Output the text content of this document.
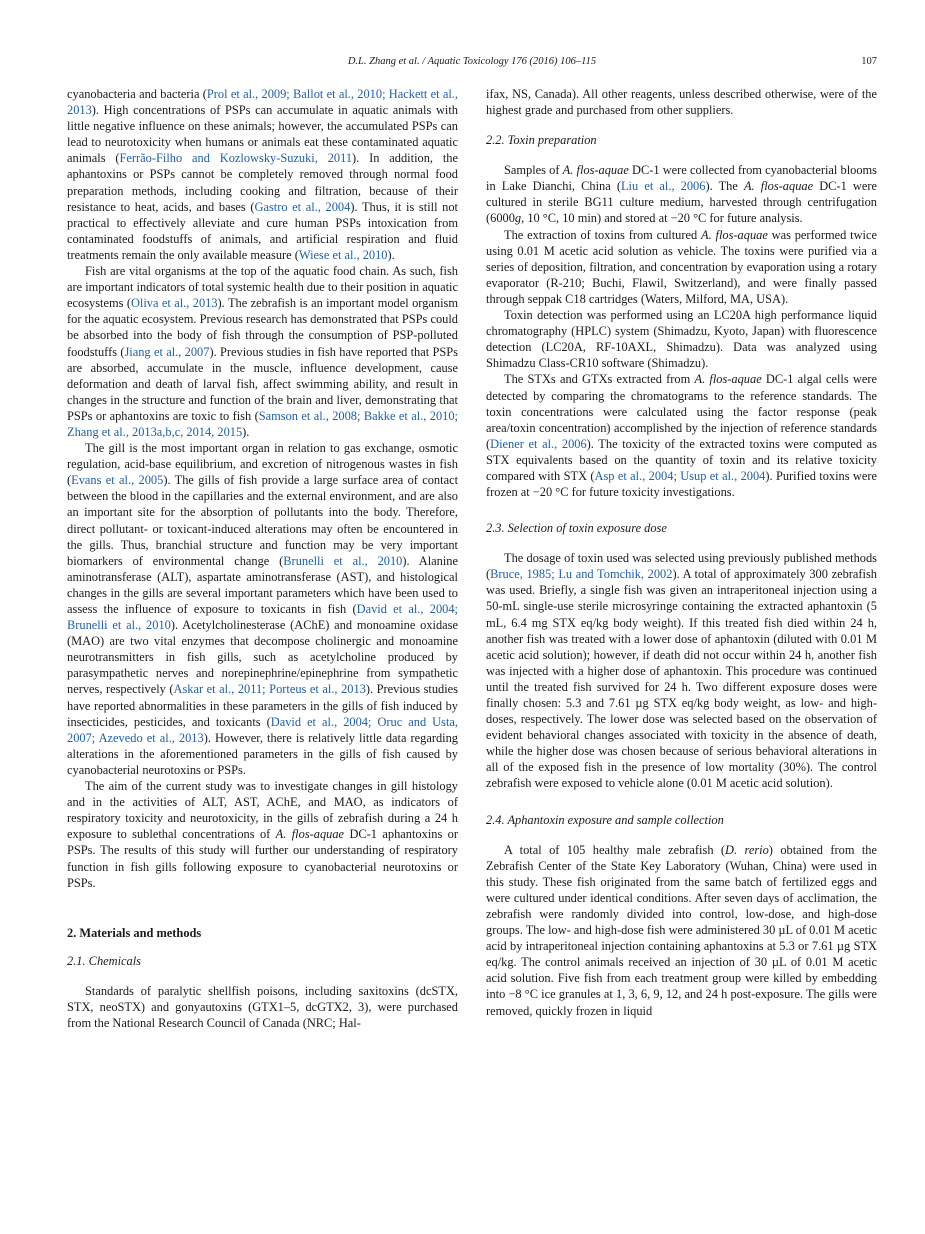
D.L. Zhang et al. / Aquatic Toxicology 176 (2016) 106–115	107

cyanobacteria and bacteria (Prol et al., 2009; Ballot et al., 2010; Hackett et al., 2013). High concentrations of PSPs can accumulate in aquatic animals with little negative influence on these animals; however, the accumulated PSPs can lead to neurotoxicity when humans or animals eat these contaminated aquatic animals (Ferrão-Filho and Kozlowsky-Suzuki, 2011). In addition, the aphantoxins or PSPs cannot be completely removed through normal food preparation methods, including cooking and filtration, because of their resistance to heat, acids, and bases (Gastro et al., 2004). Thus, it is still not practical to effectively alleviate and cure human PSPs intoxication from contaminated foodstuffs of animals, and artificial respiration and fluid treatments remain the only available measure (Wiese et al., 2010).

Fish are vital organisms at the top of the aquatic food chain. As such, fish are important indicators of total systemic health due to their position in aquatic ecosystems (Oliva et al., 2013). The zebrafish is an important model organism for the aquatic ecosystem. Previous research has demonstrated that PSPs could be absorbed into the body of fish through the consumption of PSP-polluted foodstuffs (Jiang et al., 2007). Previous studies in fish have reported that PSPs are absorbed, accumulate in the muscle, influence development, cause deformation and death of larval fish, affect swimming ability, and result in changes in the structure and function of the brain and liver, demonstrating that PSPs or aphantoxins are toxic to fish (Samson et al., 2008; Bakke et al., 2010; Zhang et al., 2013a,b,c, 2014, 2015).

The gill is the most important organ in relation to gas exchange, osmotic regulation, acid-base equilibrium, and excretion of nitrogenous wastes in fish (Evans et al., 2005). The gills of fish provide a large surface area of contact between the blood in the capillaries and the external environment, and are also an important site for the absorption of pollutants into the body. Therefore, direct pollutant- or toxicant-induced alterations may often be encountered in the gills. Thus, branchial structure and function may be very important biomarkers of environmental change (Brunelli et al., 2010). Alanine aminotransferase (ALT), aspartate aminotransferase (AST), and histological changes in the gills are several important parameters which have been used to assess the influence of exposure to toxicants in fish (David et al., 2004; Brunelli et al., 2010). Acetylcholinesterase (AChE) and monoamine oxidase (MAO) are two vital enzymes that decompose cholinergic and monoamine neurotransmitters in fish gills, such as acetylcholine produced by parasympathetic nerves and norepinephrine/epinephrine from sympathetic nerves, respectively (Askar et al., 2011; Porteus et al., 2013). Previous studies have reported abnormalities in these parameters in the gills of fish induced by insecticides, pesticides, and toxicants (David et al., 2004; Oruc and Usta, 2007; Azevedo et al., 2013). However, there is relatively little data regarding alterations in the aforementioned parameters in the gills of fish caused by cyanobacterial neurotoxins or PSPs.

The aim of the current study was to investigate changes in gill histology and in the activities of ALT, AST, AChE, and MAO, as indicators of respiratory toxicity and neurotoxicity, in the gills of zebrafish during a 24 h exposure to sublethal concentrations of A. flos-aquae DC-1 aphantoxins or PSPs. The results of this study will further our understanding of respiratory function in fish gills following exposure to cyanobacterial neurotoxins or PSPs.

2. Materials and methods
2.1. Chemicals

Standards of paralytic shellfish poisons, including saxitoxins (dcSTX, STX, neoSTX) and gonyautoxins (GTX1–5, dcGTX2, 3), were purchased from the National Research Council of Canada (NRC; Hal-

ifax, NS, Canada). All other reagents, unless described otherwise, were of the highest grade and purchased from other suppliers.

2.2. Toxin preparation

Samples of A. flos-aquae DC-1 were collected from cyanobacterial blooms in Lake Dianchi, China (Liu et al., 2006). The A. flos-aquae DC-1 were cultured in sterile BG11 culture medium, harvested through centrifugation (6000g, 10 °C, 10 min) and stored at −20 °C for future analysis.

The extraction of toxins from cultured A. flos-aquae was performed twice using 0.01 M acetic acid solution as vehicle. The toxins were purified via a series of deposition, filtration, and concentration by evaporation using a rotary evaporator (R-210; Buchi, Flawil, Switzerland), and were finally passed through seppak C18 cartridges (Waters, Milford, MA, USA).

Toxin detection was performed using an LC20A high performance liquid chromatography (HPLC) system (Shimadzu, Kyoto, Japan) with fluorescence detection (LC20A, RF-10AXL, Shimadzu). Data was analyzed using Shimadzu Class-CR10 software (Shimadzu).

The STXs and GTXs extracted from A. flos-aquae DC-1 algal cells were detected by comparing the chromatograms to the reference standards. The toxin concentrations were calculated using the factor response (peak area/toxin concentration) accomplished by the injection of reference standards (Diener et al., 2006). The toxicity of the extracted toxins were computed as STX equivalents based on the quantity of toxin and its relative toxicity compared with STX (Asp et al., 2004; Usup et al., 2004). Purified toxins were frozen at −20 °C for future toxicity investigations.

2.3. Selection of toxin exposure dose

The dosage of toxin used was selected using previously published methods (Bruce, 1985; Lu and Tomchik, 2002). A total of approximately 300 zebrafish was used. Briefly, a single fish was given an intraperitoneal injection using a 50-mL single-use sterile microsyringe containing the extracted aphantoxin (5 mL, 6.4 mg STX eq/kg body weight). If this treated fish died within 24 h, another fish was treated with a lower dose of aphantoxin (diluted with 0.01 M acetic acid solution); however, if death did not occur within 24 h, another fish was injected with a higher dose of aphantoxin. This procedure was continued until the treated fish survived for 24 h. Two different exposure doses were finally chosen: 5.3 and 7.61 µg STX eq/kg body weight, as low- and high-doses, respectively. The lower dose was selected based on the observation of evident behavioral changes associated with toxicity in the absence of death, while the higher dose was chosen because of serious behavioral alterations in all of the exposed fish in the presence of low mortality (30%). The control zebrafish were exposed to vehicle alone (0.01 M acetic acid solution).

2.4. Aphantoxin exposure and sample collection

A total of 105 healthy male zebrafish (D. rerio) obtained from the Zebrafish Center of the State Key Laboratory (Wuhan, China) were used in this study. These fish originated from the same batch of fertilized eggs and were cultured under identical conditions. After seven days of acclimation, the zebrafish were randomly divided into control, low-dose, and high-dose groups. The low- and high-dose fish were administered 30 µL of 0.01 M acetic acid by intraperitoneal injection containing aphantoxins at 5.3 or 7.61 µg STX eq/kg. The control animals received an injection of 30 µL of 0.01 M acetic acid solution. Five fish from each treatment group were killed by embedding into −8 °C ice granules at 1, 3, 6, 9, 12, and 24 h post-exposure. The gills were removed, quickly frozen in liquid
